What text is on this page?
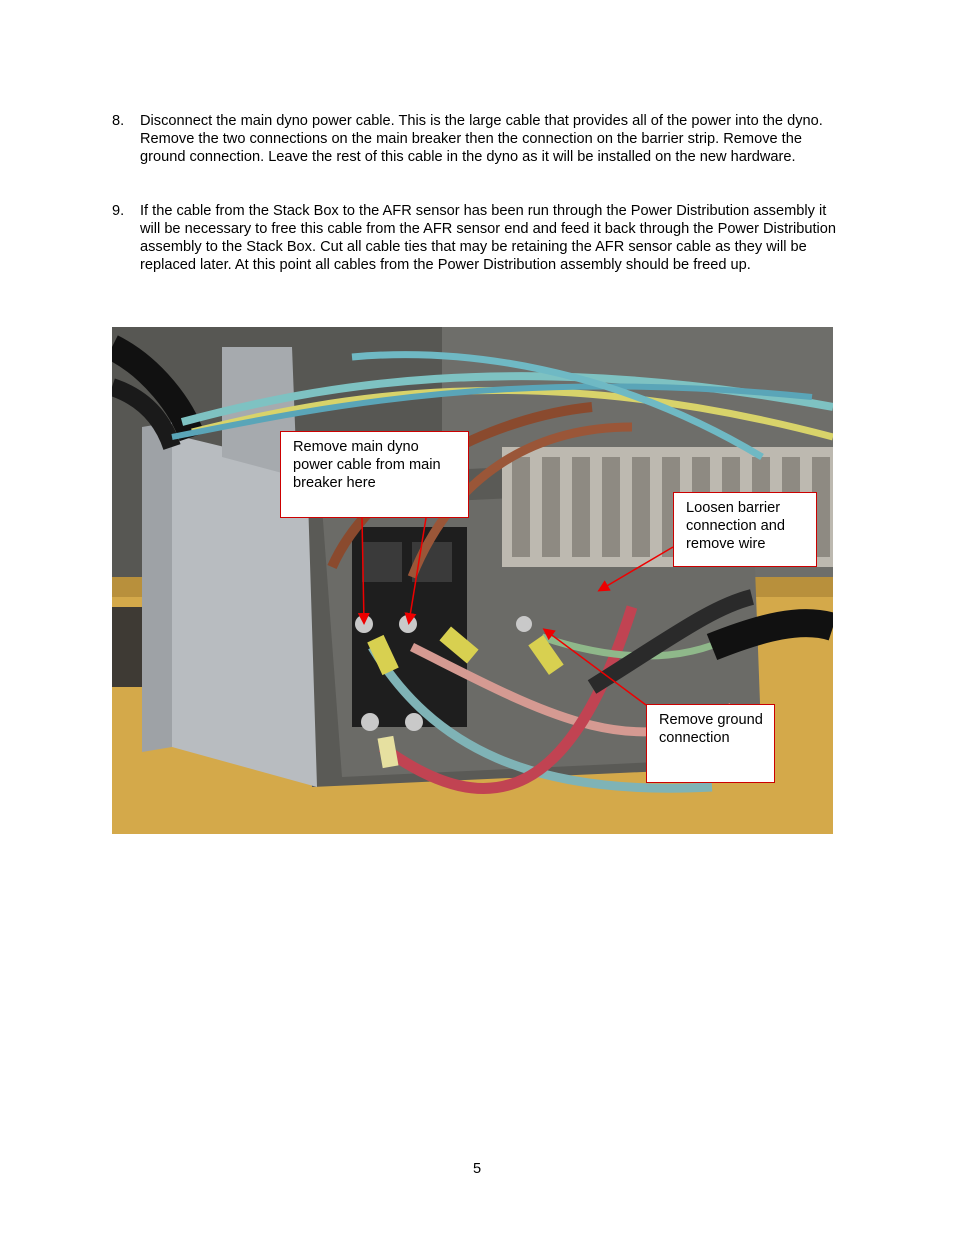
8. Disconnect the main dyno power cable. This is the large cable that provides all of the power into the dyno. Remove the two connections on the main breaker then the connection on the barrier strip. Remove the ground connection. Leave the rest of this cable in the dyno as it will be installed on the new hardware.
9. If the cable from the Stack Box to the AFR sensor has been run through the Power Distribution assembly it will be necessary to free this cable from the AFR sensor end and feed it back through the Power Distribution assembly to the Stack Box. Cut all cable ties that may be retaining the AFR sensor cable as they will be replaced later. At this point all cables from the Power Distribution assembly should be freed up.
Remove main dyno power cable from main breaker here
Loosen barrier connection and remove wire
Remove ground connection
5
